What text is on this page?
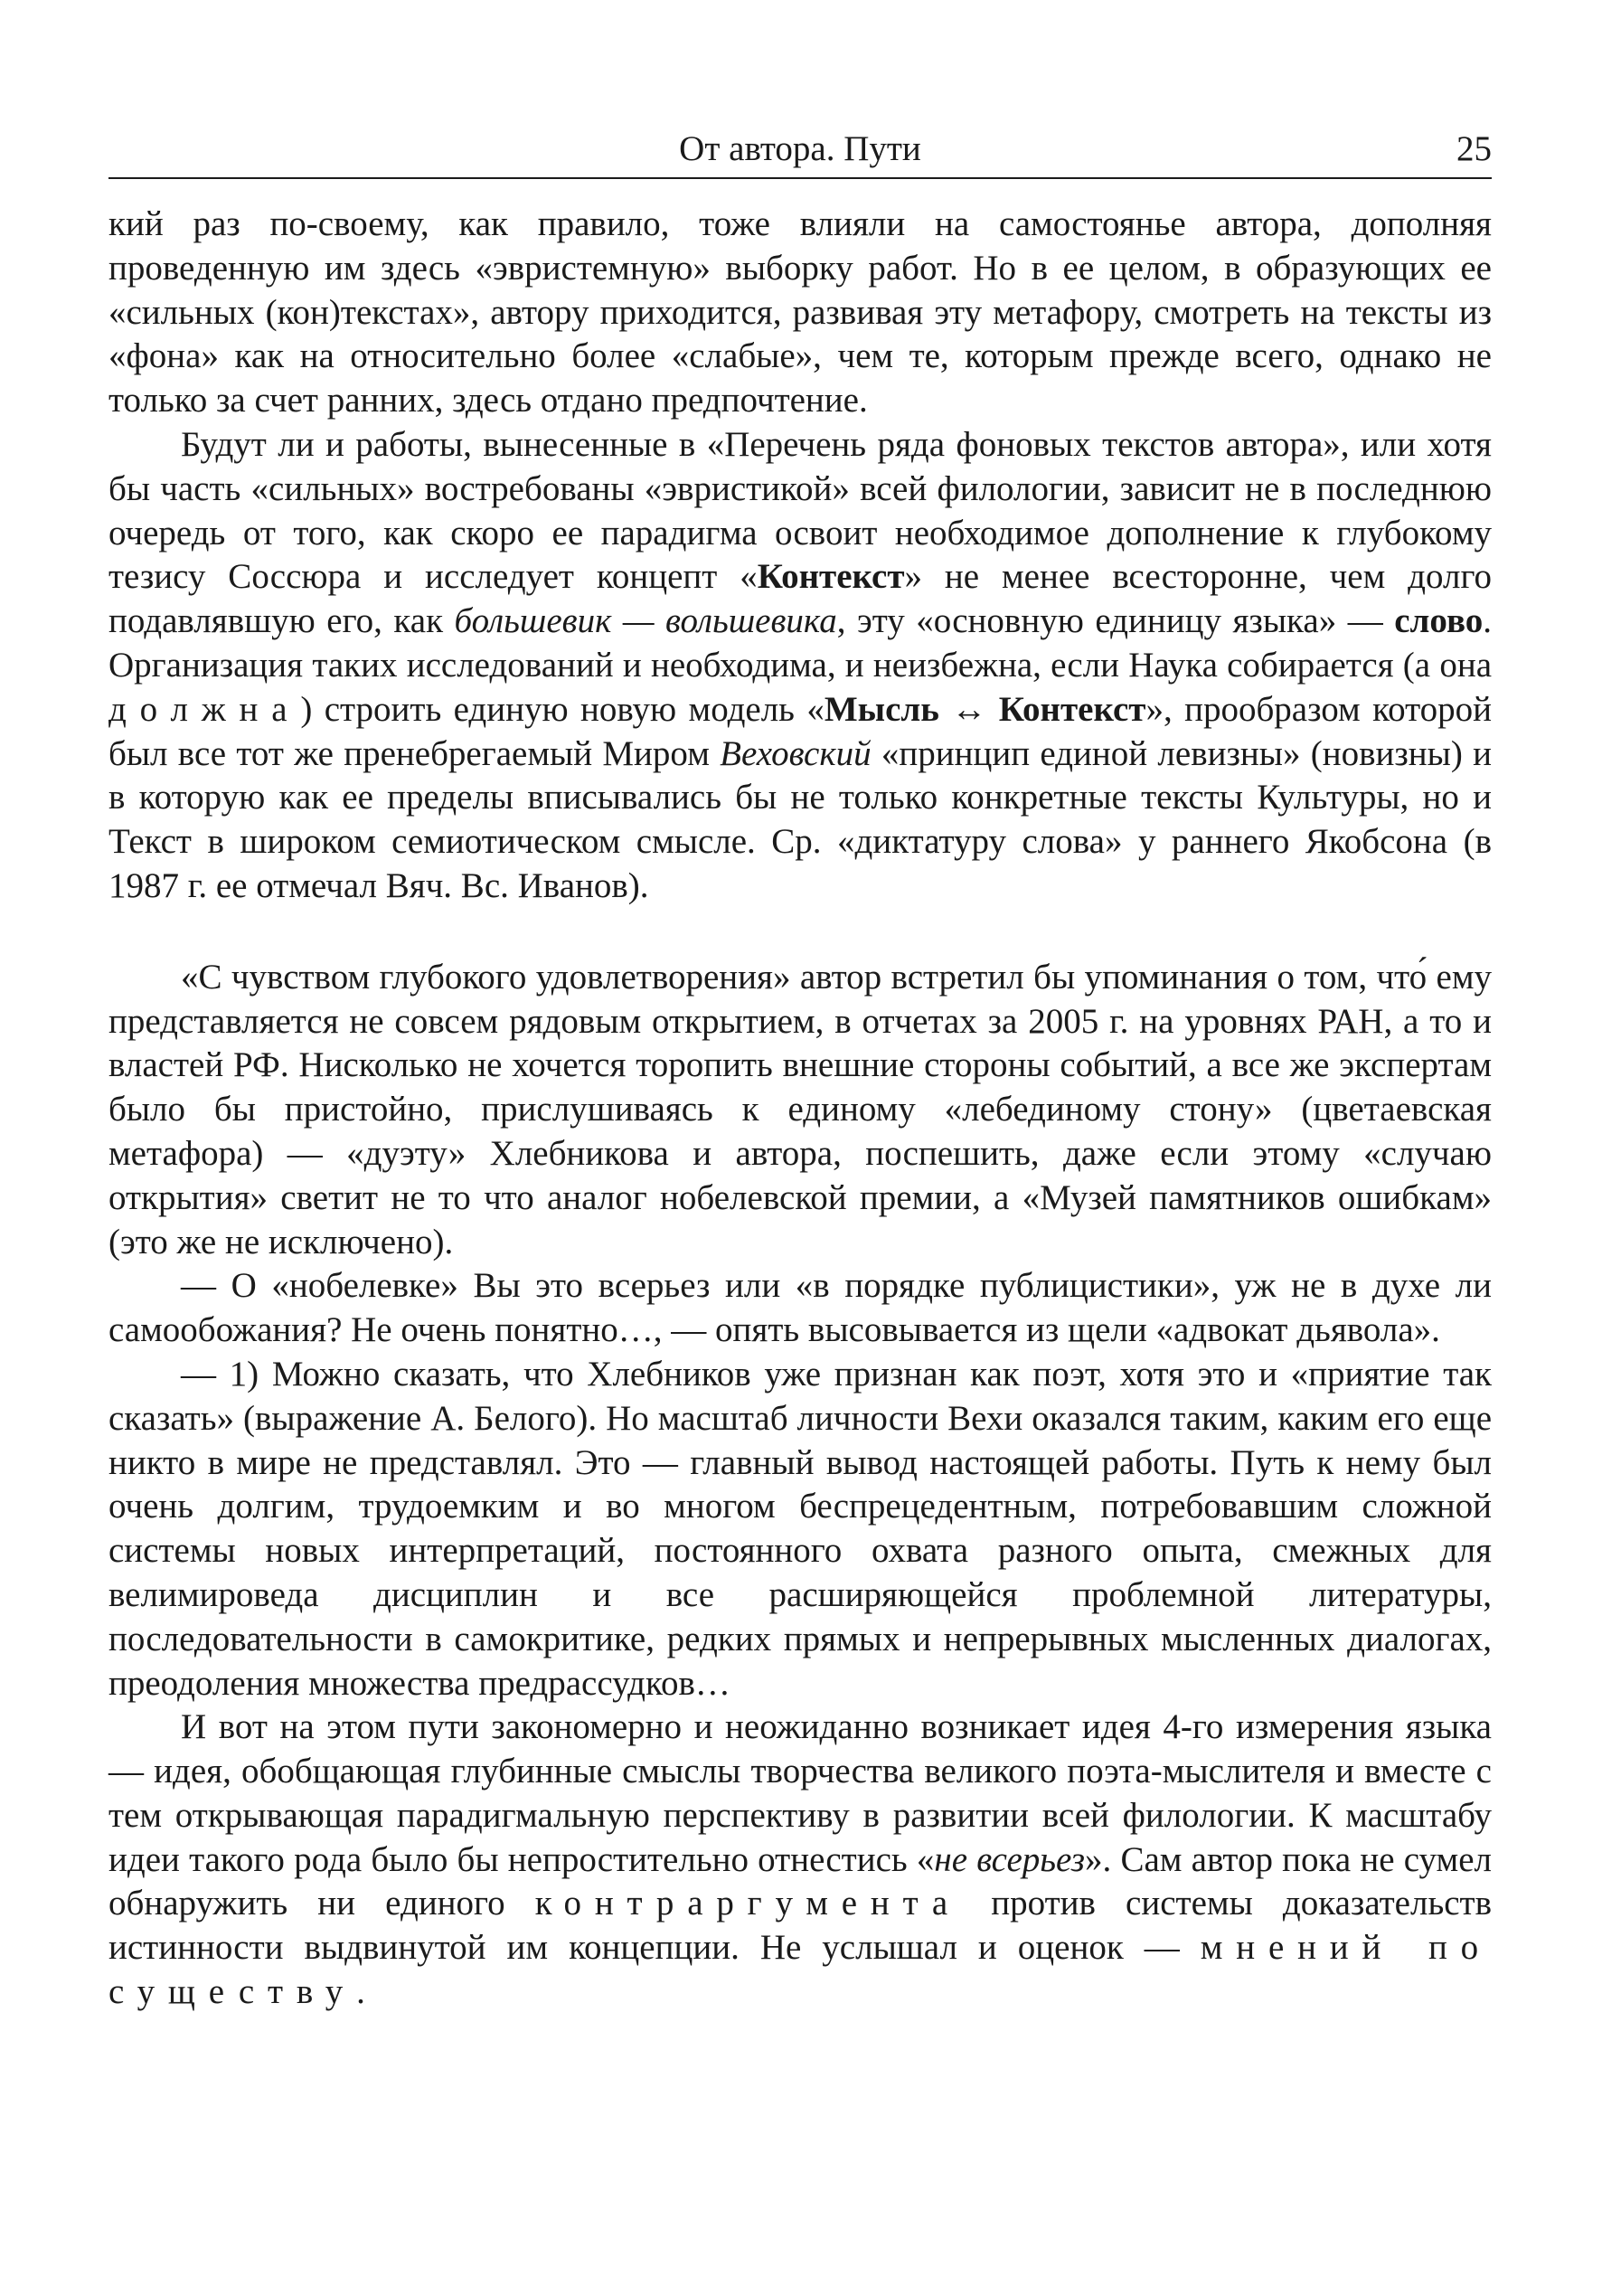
От автора. Пути	25

кий раз по-своему, как правило, тоже влияли на самостоянье автора, дополняя проведенную им здесь «эвристемную» выборку работ. Но в ее целом, в образующих ее «сильных (кон)текстах», автору приходится, развивая эту метафору, смотреть на тексты из «фона» как на относительно более «слабые», чем те, которым прежде всего, однако не только за счет ранних, здесь отдано предпочтение.

Будут ли и работы, вынесенные в «Перечень ряда фоновых текстов автора», или хотя бы часть «сильных» востребованы «эвристикой» всей филологии, зависит не в последнюю очередь от того, как скоро ее парадигма освоит необходимое дополнение к глубокому тезису Соссюра и исследует концепт «Контекст» не менее всесторонне, чем долго подавлявшую его, как большевик — вольшевика, эту «основную единицу языка» — слово. Организация таких исследований и необходима, и неизбежна, если Наука собирается (а она должна) строить единую новую модель «Мысль ↔ Контекст», прообразом которой был все тот же пренебрегаемый Миром Веховский «принцип единой левизны» (новизны) и в которую как ее пределы вписывались бы не только конкретные тексты Культуры, но и Текст в широком семиотическом смысле. Ср. «диктатуру слова» у раннего Якобсона (в 1987 г. ее отмечал Вяч. Вс. Иванов).

«С чувством глубокого удовлетворения» автор встретил бы упоминания о том, что́ ему представляется не совсем рядовым открытием, в отчетах за 2005 г. на уровнях РАН, а то и властей РФ. Нисколько не хочется торопить внешние стороны событий, а все же экспертам было бы пристойно, прислушиваясь к единому «лебединому стону» (цветаевская метафора) — «дуэту» Хлебникова и автора, поспешить, даже если этому «случаю открытия» светит не то что аналог нобелевской премии, а «Музей памятников ошибкам» (это же не исключено).

— О «нобелевке» Вы это всерьез или «в порядке публицистики», уж не в духе ли самообожания? Не очень понятно…, — опять высовывается из щели «адвокат дьявола».

— 1) Можно сказать, что Хлебников уже признан как поэт, хотя это и «приятие так сказать» (выражение А. Белого). Но масштаб личности Вехи оказался таким, каким его еще никто в мире не представлял. Это — главный вывод настоящей работы. Путь к нему был очень долгим, трудоемким и во многом беспрецедентным, потребовавшим сложной системы новых интерпретаций, постоянного охвата разного опыта, смежных для велимироведа дисциплин и все расширяющейся проблемной литературы, последовательности в самокритике, редких прямых и непрерывных мысленных диалогах, преодоления множества предрассудков…

И вот на этом пути закономерно и неожиданно возникает идея 4-го измерения языка — идея, обобщающая глубинные смыслы творчества великого поэта-мыслителя и вместе с тем открывающая парадигмальную перспективу в развитии всей филологии. К масштабу идеи такого рода было бы непростительно отнестись «не всерьез». Сам автор пока не сумел обнаружить ни единого контраргумента против системы доказательств истинности выдвинутой им концепции. Не услышал и оценок — мнений по существу.
